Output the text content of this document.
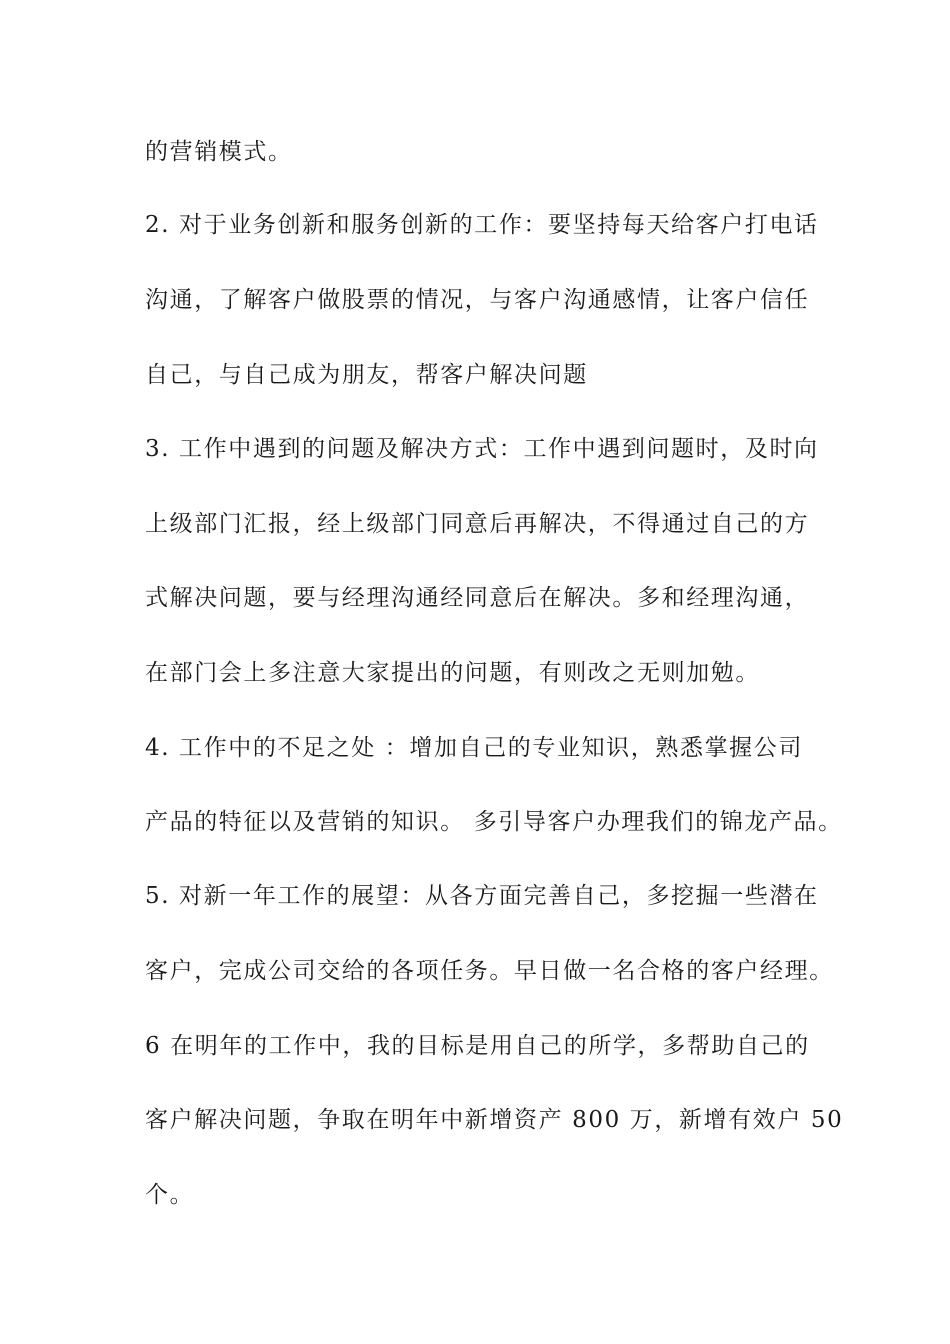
的营销模式。
2. 对于业务创新和服务创新的工作：要坚持每天给客户打电话
沟通，了解客户做股票的情况，与客户沟通感情，让客户信任
自己，与自己成为朋友，帮客户解决问题
3. 工作中遇到的问题及解决方式：工作中遇到问题时，及时向
上级部门汇报，经上级部门同意后再解决，不得通过自己的方
式解决问题，要与经理沟通经同意后在解决。多和经理沟通，
在部门会上多注意大家提出的问题，有则改之无则加勉。
4. 工作中的不足之处 ：增加自己的专业知识，熟悉掌握公司
产品的特征以及营销的知识。 多引导客户办理我们的锦龙产品。
5. 对新一年工作的展望：从各方面完善自己，多挖掘一些潜在
客户，完成公司交给的各项任务。早日做一名合格的客户经理。
6 在明年的工作中，我的目标是用自己的所学，多帮助自己的
客户解决问题，争取在明年中新增资产 800 万，新增有效户 50
个。
